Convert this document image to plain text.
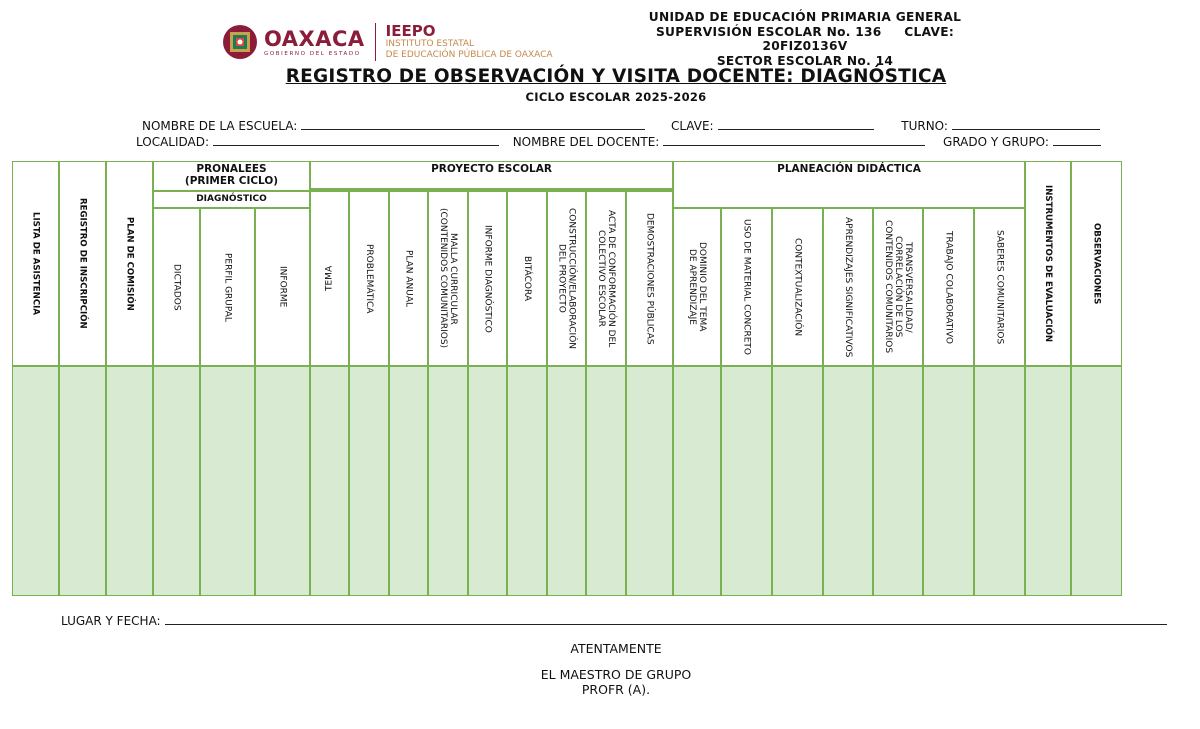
OAXACA
GOBIERNO DEL ESTADO
IEEPO
INSTITUTO ESTATAL
DE EDUCACIÓN PÚBLICA DE OAXACA
UNIDAD DE EDUCACIÓN PRIMARIA GENERAL
SUPERVISIÓN ESCOLAR No. 136     CLAVE:
20FIZ0136V
SECTOR ESCOLAR No. 14
REGISTRO DE OBSERVACIÓN Y VISITA DOCENTE: DIAGNÓSTICA
CICLO ESCOLAR 2025-2026
NOMBRE DE LA ESCUELA:	CLAVE:	TURNO:
LOCALIDAD:	NOMBRE DEL DOCENTE:	GRADO Y GRUPO:
PRONALEES
(PRIMER CICLO)
DIAGNÓSTICO
PROYECTO ESCOLAR	PLANEACIÓN DIDÁCTICA
LISTA DE ASISTENCIA	REGISTRO DE INSCRIPCIÓN	PLAN DE COMISIÓN	DICTADOS	PERFIL GRUPAL	INFORME	TEMA	PROBLEMÁTICA	PLAN ANUAL
MALLA CURRICULAR
(CONTENIDOS COMUNITARIOS)	INFORME DIAGNÓSTICO	BITÁCORA	CONSTRUCCIÓN/ELABORACIÓN
DEL PROYECTO
ACTA DE CONFORMACIÓN DEL
COLECTIVO ESCOLAR	DEMOSTRACIONES PÚBLICAS	DOMINIO DEL TEMA
DE APRENDIZAJE	USO DE MATERIAL CONCRETO	CONTEXTUALIZACIÓN	APRENDIZAJES SIGNIFICATIVOS	TRANSVERSALIDAD/
CORRELACIÓN DE LOS
CONTENIDOS COMUNITARIOS	TRABAJO COLABORATIVO	SABERES COMUNITARIOS	INSTRUMENTOS DE EVALUACIÓN	OBSERVACIONES
LUGAR Y FECHA:
ATENTAMENTE
EL MAESTRO DE GRUPO
PROFR (A).
